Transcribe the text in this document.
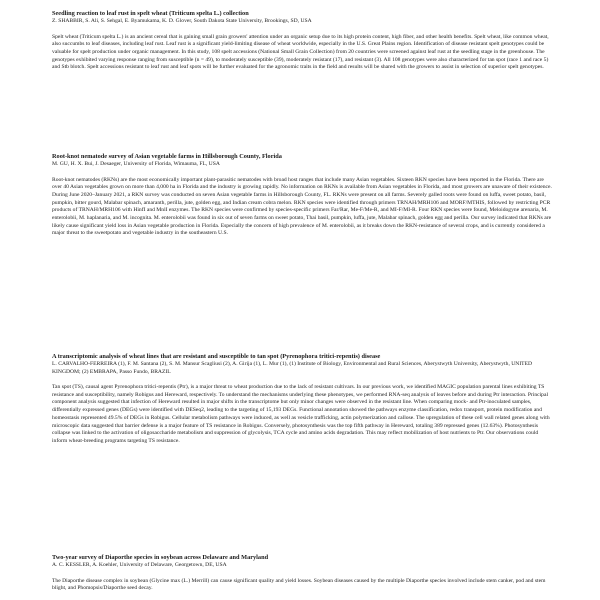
Seedling reaction to leaf rust in spelt wheat (Triticum spelta L.) collection

Z. SHABBIR, S. Ali, S. Sehgal, E. Byamukama, K. D. Glover, South Dakota State University, Brookings, SD, USA

Spelt wheat (Triticum spelta L.) is an ancient cereal that is gaining small grain growers' attention under an organic setup due to its high protein content, high fiber, and other health benefits. Spelt wheat, like common wheat, also succumbs to leaf diseases, including leaf rust. Leaf rust is a significant yield-limiting disease of wheat worldwide, especially in the U.S. Great Plains region. Identification of disease resistant spelt genotypes could be valuable for spelt production under organic management. In this study, 108 spelt accessions (National Small Grain Collection) from 20 countries were screened against leaf rust at the seedling stage in the greenhouse. The genotypes exhibited varying response ranging from susceptible (n = 49), to moderately susceptible (39), moderately resistant (17), and resistant (3). All 108 genotypes were also characterized for tan spot (race 1 and race 5) and Stb blotch. Spelt accessions resistant to leaf rust and leaf spots will be further evaluated for the agronomic traits in the field and results will be shared with the growers to assist in selection of superior spelt genotypes.

Root-knot nematode survey of Asian vegetable farms in Hillsborough County, Florida

M. GU, H. X. Bui, J. Desaeger, University of Florida, Wimauma, FL, USA

Root-knot nematodes (RKNs) are the most economically important plant-parasitic nematodes with broad host ranges that include many Asian vegetables. Sixteen RKN species have been reported in the Florida. There are over 40 Asian vegetables grown on more than 4,000 ha in Florida and the industry is growing rapidly. No information on RKNs is available from Asian vegetables in Florida, and most growers are unaware of their existence. During June 2020–January 2021, a RKN survey was conducted on seven Asian vegetable farms in Hillsborough County, FL. RKNs were present on all farms. Severely galled roots were found on luffa, sweet potato, basil, pumpkin, bitter gourd, Malabar spinach, amaranth, perilla, jute, golden egg, and Indian cream cobra melon. RKN species were identified through primers TRNAH/MRH106 and MORF/MTHIS, followed by restricting PCR products of TRNAH/MRH106 with HinfI and MnlI enzymes. The RKN species were confirmed by species-specific primers Far/Rar, Me-F/Me-R, and MI-F/MI-R. Four RKN species were found, Meloidogyne arenaria, M. enterolobii, M. haplanaria, and M. incognita. M. enterolobii was found in six out of seven farms on sweet potato, Thai basil, pumpkin, luffa, jute, Malabar spinach, golden egg and perilla. Our survey indicated that RKNs are likely cause significant yield loss in Asian vegetable production in Florida. Especially the concern of high prevalence of M. enterolobii, as it breaks down the RKN-resistance of several crops, and is currently considered a major threat to the sweetpotato and vegetable industry in the southeastern U.S.

A transcriptomic analysis of wheat lines that are resistant and susceptible to tan spot (Pyrenophora tritici-repentis) disease

L. CARVALHO-FERREIRA (1), F. M. Santana (2), S. M. Mansur Scagliusi (2), A. Girija (1), L. Mur (1), (1) Institute of Biology, Environmental and Rural Sciences, Aberystwyth University, Aberystwyth, UNITED KINGDOM; (2) EMBRAPA, Passo Fundo, BRAZIL

Tan spot (TS), causal agent Pyrenophora tritici-repentis (Ptr), is a major threat to wheat production due to the lack of resistant cultivars. In our previous work, we identified MAGIC population parental lines exhibiting TS resistance and susceptibility, namely Robigus and Hereward, respectively. To understand the mechanisms underlying these phenotypes, we performed RNA-seq analysis of leaves before and during Ptr interaction. Principal component analysis suggested that infection of Hereward resulted in major shifts in the transcriptome but only minor changes were observed in the resistant line. When comparing mock- and Ptr-inoculated samples, differentially expressed genes (DEGs) were identified with DESeq2, leading to the targeting of 15,193 DEGs. Functional annotation showed the pathways enzyme classification, redox transport, protein modification and homeostasis represented 49.5% of DEGs in Robigus. Cellular metabolism pathways were induced, as well as vesicle trafficking, actin polymerization and callose. The upregulation of these cell wall related genes along with microscopic data suggested that barrier defense is a major feature of TS resistance in Robigus. Conversely, photosynthesis was the top fifth pathway in Hereward, totaling 389 repressed genes (12.63%). Photosynthesis collapse was linked to the activation of oligosaccharide metabolism and suppression of glycolysis, TCA cycle and amino acids degradation. This may reflect mobilization of host nutrients to Ptr. Our observations could inform wheat-breeding programs targeting TS resistance.

Two-year survey of Diaporthe species in soybean across Delaware and Maryland

A. C. KESSLER, A. Koehler, University of Delaware, Georgetown, DE, USA

The Diaporthe disease complex in soybean (Glycine max (L.) Merrill) can cause significant quality and yield losses. Soybean diseases caused by the multiple Diaporthe species involved include stem canker, pod and stem blight, and Phomopsis/Diaporthe seed decay.
